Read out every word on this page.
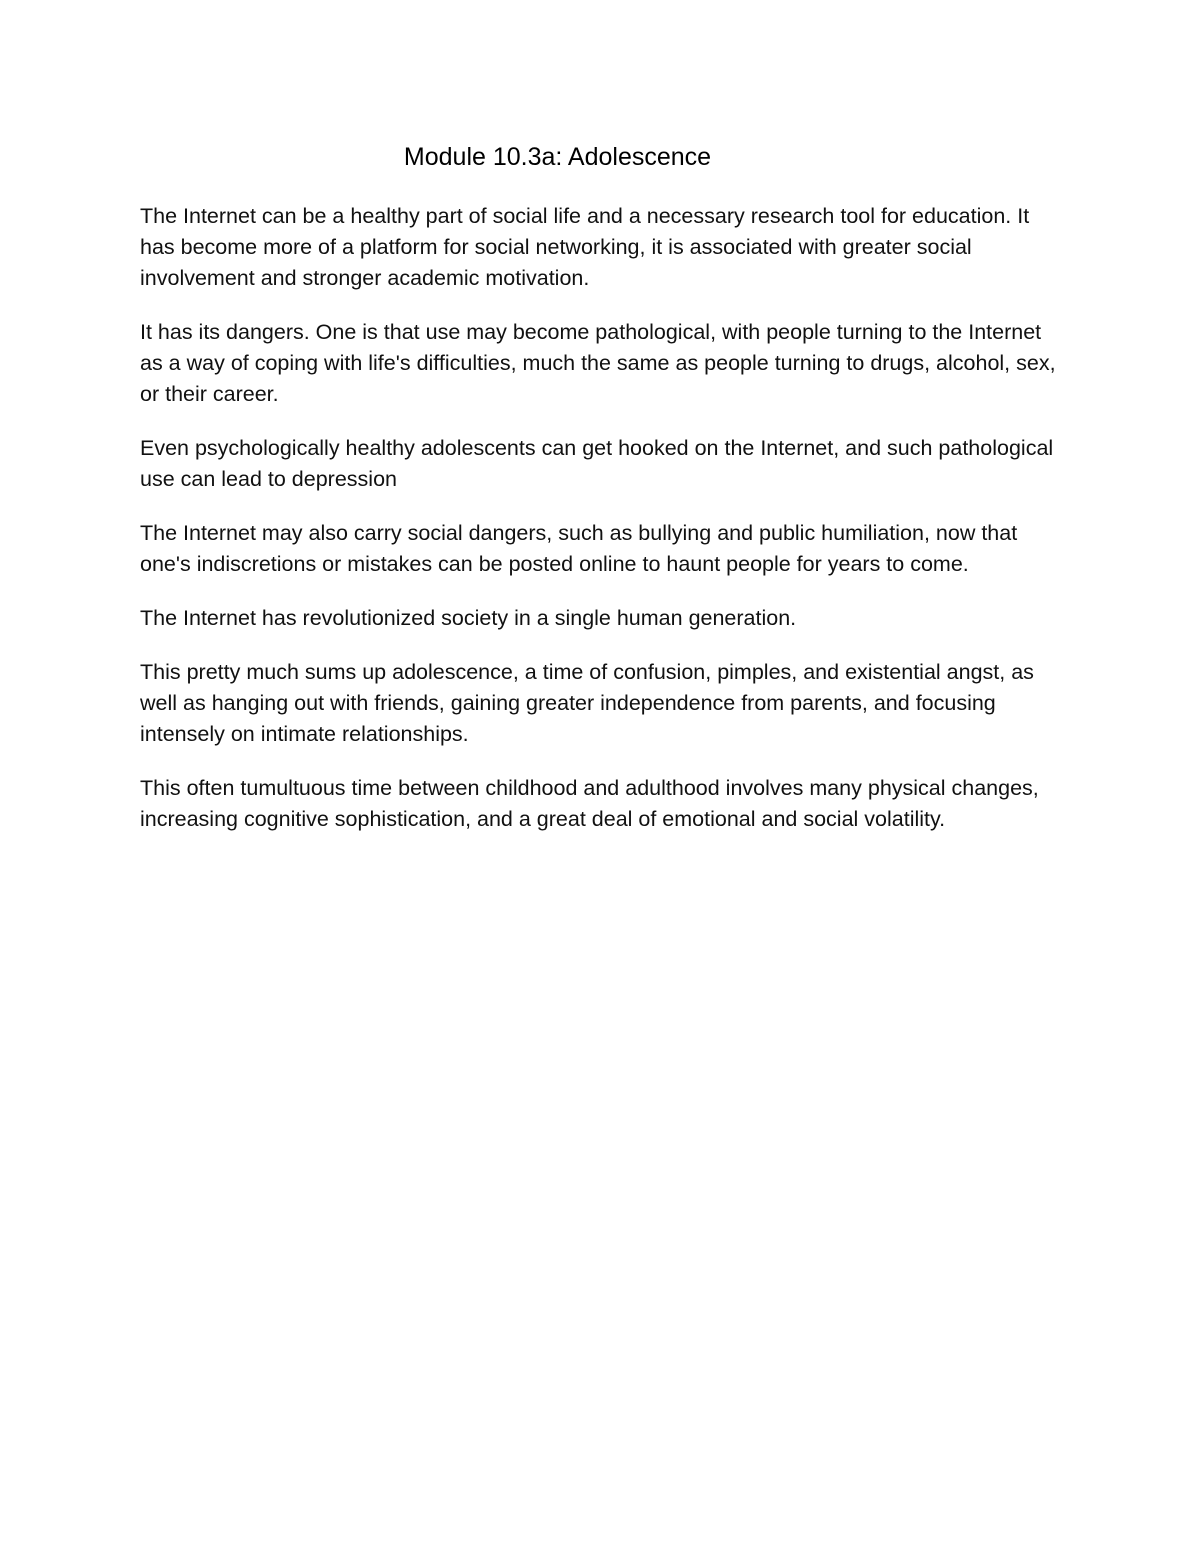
Module 10.3a: Adolescence

The Internet can be a healthy part of social life and a necessary research tool for education. It has become more of a platform for social networking, it is associated with greater social involvement and stronger academic motivation.

It has its dangers. One is that use may become pathological, with people turning to the Internet as a way of coping with life's difficulties, much the same as people turning to drugs, alcohol, sex, or their career.

Even psychologically healthy adolescents can get hooked on the Internet, and such pathological use can lead to depression

The Internet may also carry social dangers, such as bullying and public humiliation, now that one's indiscretions or mistakes can be posted online to haunt people for years to come.

The Internet has revolutionized society in a single human generation.

This pretty much sums up adolescence, a time of confusion, pimples, and existential angst, as well as hanging out with friends, gaining greater independence from parents, and focusing intensely on intimate relationships.

This often tumultuous time between childhood and adulthood involves many physical changes, increasing cognitive sophistication, and a great deal of emotional and social volatility.
